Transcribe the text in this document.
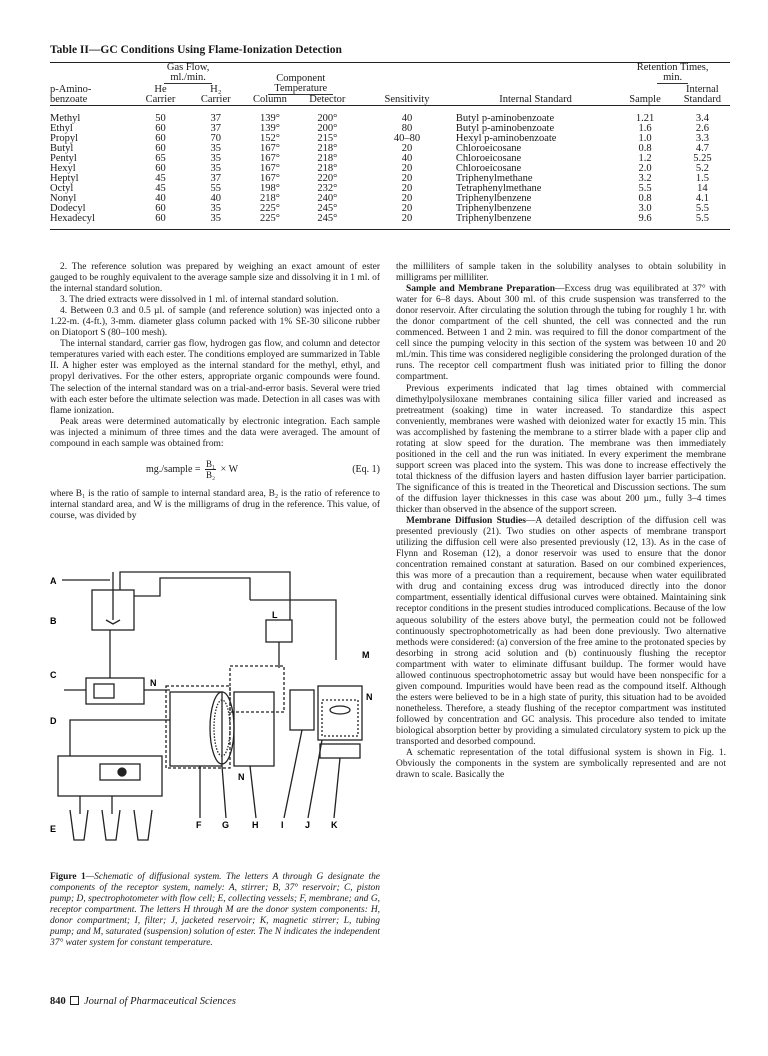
Table II—GC Conditions Using Flame-Ionization Detection

	Gas Flow,						Retention Times,	
	ml./min.		Component				min.	
p-Amino-	He	H₂	Temperature					Internal
benzoate	Carrier	Carrier	Column	Detector	Sensitivity	Internal Standard	Sample	Standard
Methyl	50	37	139°	200°	40	Butyl p-aminobenzoate	1.21	3.4
Ethyl	60	37	139°	200°	80	Butyl p-aminobenzoate	1.6	2.6
Propyl	60	70	152°	215°	40–80	Hexyl p-aminobenzoate	1.0	3.3
Butyl	60	35	167°	218°	20	Chloroeicosane	0.8	4.7
Pentyl	65	35	167°	218°	40	Chloroeicosane	1.2	5.25
Hexyl	60	35	167°	218°	20	Chloroeicosane	2.0	5.2
Heptyl	45	37	167°	220°	20	Triphenylmethane	3.2	1.5
Octyl	45	55	198°	232°	20	Tetraphenylmethane	5.5	14
Nonyl	40	40	218°	240°	20	Triphenylbenzene	0.8	4.1
Dodecyl	60	35	225°	245°	20	Triphenylbenzene	3.0	5.5
Hexadecyl	60	35	225°	245°	20	Triphenylbenzene	9.6	5.5

2. The reference solution was prepared by weighing an exact amount of ester gauged to be roughly equivalent to the average sample size and dissolving it in 1 ml. of the internal standard solution.

3. The dried extracts were dissolved in 1 ml. of internal standard solution.

4. Between 0.3 and 0.5 µl. of sample (and reference solution) was injected onto a 1.22-m. (4-ft.), 3-mm. diameter glass column packed with 1% SE-30 silicone rubber on Diatoport S (80–100 mesh).

The internal standard, carrier gas flow, hydrogen gas flow, and column and detector temperatures varied with each ester. The conditions employed are summarized in Table II. A higher ester was employed as the internal standard for the methyl, ethyl, and propyl derivatives. For the other esters, appropriate organic compounds were found. The selection of the internal standard was on a trial-and-error basis. Several were tried with each ester before the ultimate selection was made. Detection in all cases was with flame ionization.

Peak areas were determined automatically by electronic integration. Each sample was injected a minimum of three times and the data were averaged. The amount of compound in each sample was obtained from:

mg./sample = $\frac{\text{B₁}}{\text{B₂}} \times W$	(Eq. 1)

where B₁ is the ratio of sample to internal standard area, B₂ is the ratio of reference to internal standard area, and W is the milligrams of drug in the reference. This value, of course, was divided by

the milliliters of sample taken in the solubility analyses to obtain solubility in milligrams per milliliter.

Sample and Membrane Preparation—Excess drug was equilibrated at 37° with water for 6–8 days. About 300 ml. of this crude suspension was transferred to the donor reservoir. After circulating the solution through the tubing for roughly 1 hr. with the donor compartment of the cell shunted, the cell was connected and the run commenced. Between 1 and 2 min. was required to fill the donor compartment of the cell since the pumping velocity in this section of the system was between 10 and 20 ml./min. This time was considered negligible considering the prolonged duration of the runs. The receptor cell compartment flush was initiated prior to filling the donor compartment.

Previous experiments indicated that lag times obtained with commercial dimethylpolysiloxane membranes containing silica filler varied and increased as pretreatment (soaking) time in water increased. To standardize this aspect conveniently, membranes were washed with deionized water for exactly 15 min. This was accomplished by fastening the membrane to a stirrer blade with a paper clip and rotating at slow speed for the duration. The membrane was then immediately positioned in the cell and the run was initiated. In every experiment the membrane support screen was placed into the system. This was done to increase effectively the total thickness of the diffusion layers and hasten diffusion layer barrier participation. The significance of this is treated in the Theoretical and Discussion sections. The sum of the diffusion layer thicknesses in this case was about 200 µm., fully 3–4 times thicker than observed in the absence of the support screen.

Membrane Diffusion Studies—A detailed description of the diffusion cell was presented previously (21). Two studies on other aspects of membrane transport utilizing the diffusion cell were also presented previously (12, 13). As in the case of Flynn and Roseman (12), a donor reservoir was used to ensure that the donor concentration remained constant at saturation. Based on our combined experiences, this was more of a precaution than a requirement, because when water equilibrated with drug and containing excess drug was introduced directly into the donor compartment, essentially identical diffusional curves were obtained. Maintaining sink receptor conditions in the present studies introduced complications. Because of the low aqueous solubility of the esters above butyl, the permeation could not be followed continuously spectrophotometrically as had been done previously. Two alternative methods were considered: (a) conversion of the free amine to the protonated species by desorbing in strong acid solution and (b) continuously flushing the receptor compartment with water to eliminate diffusant buildup. The former would have allowed continuous spectrophotometric assay but would have been nonspecific for a given compound. Impurities would have been read as the compound itself. Although the esters were believed to be in a high state of purity, this situation had to be avoided nonetheless. Therefore, a steady flushing of the receptor compartment was instituted followed by concentration and GC analysis. This procedure also tended to imitate biological absorption better by providing a simulated circulatory system to pick up the transported and desorbed compound.

A schematic representation of the total diffusional system is shown in Fig. 1. Obviously the components in the system are symbolically represented and are not drawn to scale. Basically the

A
B
C
D
E	F G	H	I J K
L
M
N
N
N
Figure 1—Schematic of diffusional system. The letters A through G designate the components of the receptor system, namely: A, stirrer; B, 37° reservoir; C, piston pump; D, spectrophotometer with flow cell; E, collecting vessels; F, membrane; and G, receptor compartment. The letters H through M are the donor system components: H, donor compartment; I, filter; J, jacketed reservoir; K, magnetic stirrer; L, tubing pump; and M, saturated (suspension) solution of ester. The N indicates the independent 37° water system for constant temperature.
840 Journal of Pharmaceutical Sciences
